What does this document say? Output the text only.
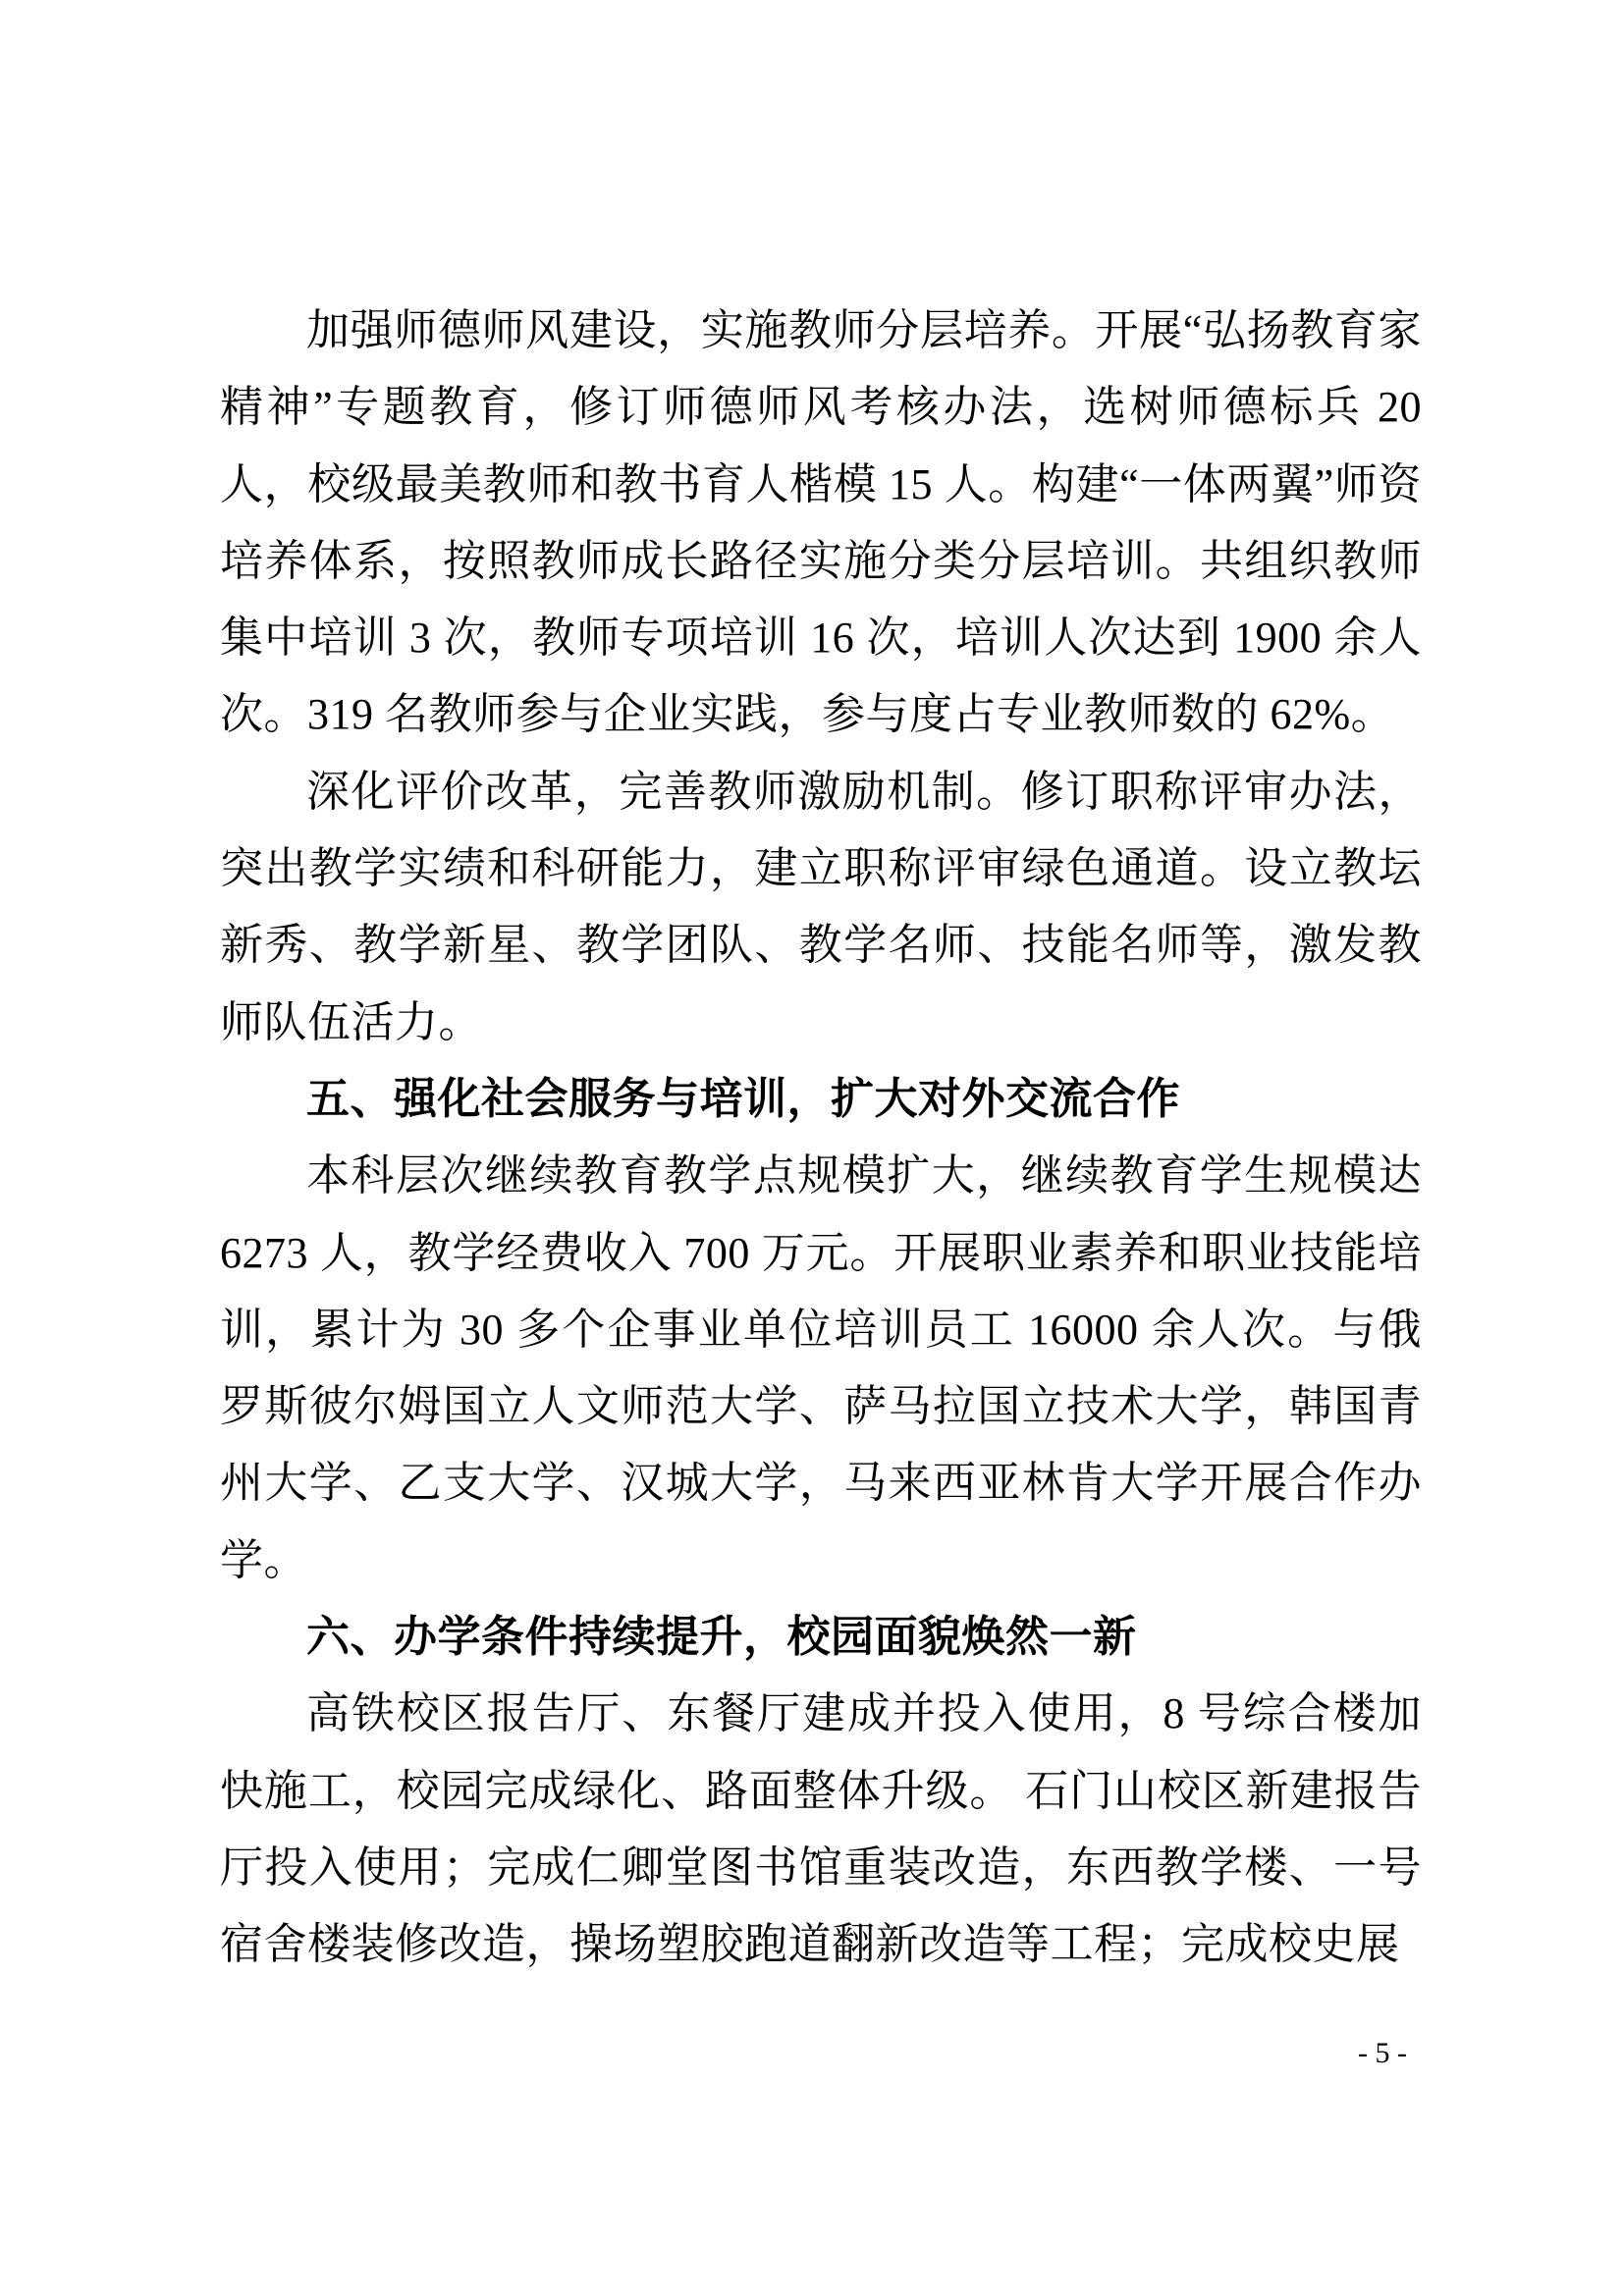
加强师德师风建设，实施教师分层培养。开展“弘扬教育家精神”专题教育，修订师德师风考核办法，选树师德标兵 20 人，校级最美教师和教书育人楷模 15 人。构建“一体两翼”师资培养体系，按照教师成长路径实施分类分层培训。共组织教师集中培训 3 次，教师专项培训 16 次，培训人次达到 1900 余人次。319 名教师参与企业实践，参与度占专业教师数的 62%。

深化评价改革，完善教师激励机制。修订职称评审办法，突出教学实绩和科研能力，建立职称评审绿色通道。设立教坛新秀、教学新星、教学团队、教学名师、技能名师等，激发教师队伍活力。

五、强化社会服务与培训，扩大对外交流合作

本科层次继续教育教学点规模扩大，继续教育学生规模达 6273 人，教学经费收入 700 万元。开展职业素养和职业技能培训，累计为 30 多个企事业单位培训员工 16000 余人次。与俄罗斯彼尔姆国立人文师范大学、萨马拉国立技术大学，韩国青州大学、乙支大学、汉城大学，马来西亚林肯大学开展合作办学。

六、办学条件持续提升，校园面貌焕然一新

高铁校区报告厅、东餐厅建成并投入使用，8 号综合楼加快施工，校园完成绿化、路面整体升级。 石门山校区新建报告厅投入使用；完成仁卿堂图书馆重装改造，东西教学楼、一号宿舍楼装修改造，操场塑胶跑道翻新改造等工程；完成校史展

- 5 -
